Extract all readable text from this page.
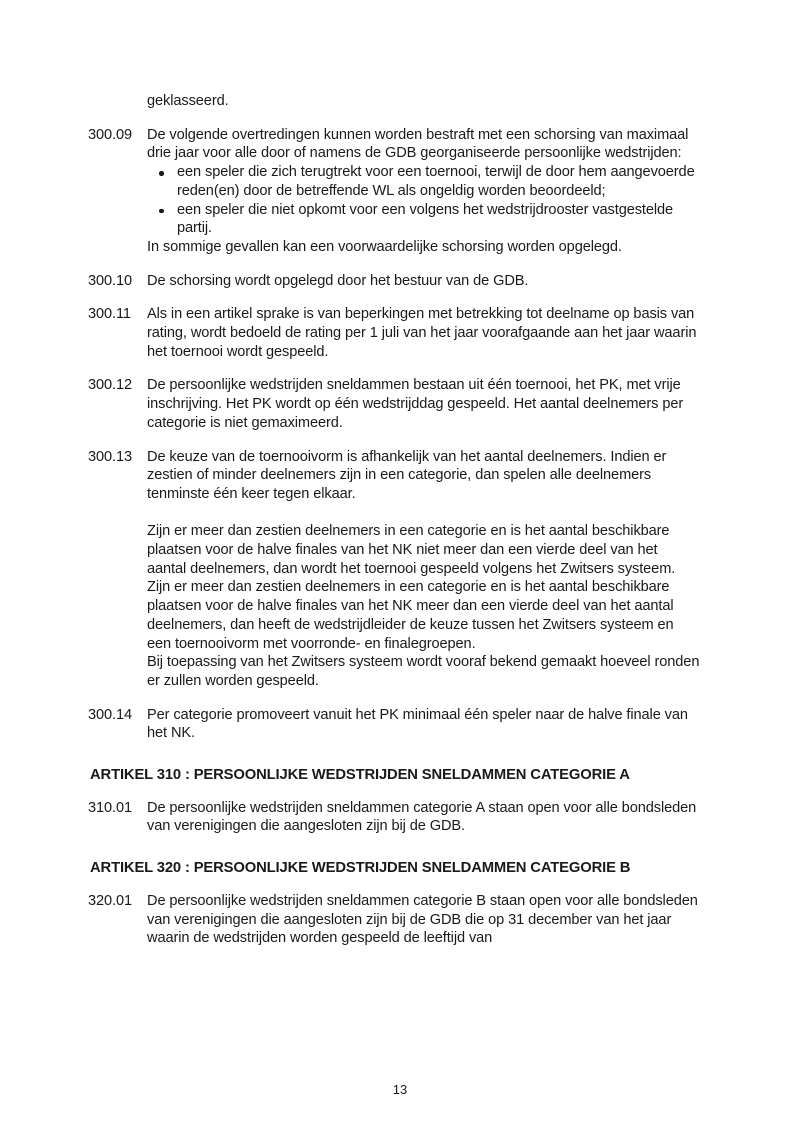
geklasseerd.

300.09	De volgende overtredingen kunnen worden bestraft met een schorsing van maximaal drie jaar voor alle door of namens de GDB georganiseerde persoonlijke wedstrijden:

een speler die zich terugtrekt voor een toernooi, terwijl de door hem aangevoerde reden(en) door de betreffende WL als ongeldig worden beoordeeld;
een speler die niet opkomt voor een volgens het wedstrijdrooster vastgestelde partij.

In sommige gevallen kan een voorwaardelijke schorsing worden opgelegd.

300.10	De schorsing wordt opgelegd door het bestuur van de GDB.

300.11	Als in een artikel sprake is van beperkingen met betrekking tot deelname op basis van rating, wordt bedoeld de rating per 1 juli van het jaar voorafgaande aan het jaar waarin het toernooi wordt gespeeld.

300.12	De persoonlijke wedstrijden sneldammen bestaan uit één toernooi, het PK, met vrije inschrijving. Het PK wordt op één wedstrijddag gespeeld. Het aantal deelnemers per categorie is niet gemaximeerd.

300.13	De keuze van de toernooivorm is afhankelijk van het aantal deelnemers. Indien er zestien of minder deelnemers zijn in een categorie, dan spelen alle deelnemers tenminste één keer tegen elkaar.

Zijn er meer dan zestien deelnemers in een categorie en is het aantal beschikbare plaatsen voor de halve finales van het NK niet meer dan een vierde deel van het aantal deelnemers, dan wordt het toernooi gespeeld volgens het Zwitsers systeem. Zijn er meer dan zestien deelnemers in een categorie en is het aantal beschikbare plaatsen voor de halve finales van het NK meer dan een vierde deel van het aantal deelnemers, dan heeft de wedstrijdleider de keuze tussen het Zwitsers systeem en een toernooivorm met voorronde- en finalegroepen.

Bij toepassing van het Zwitsers systeem wordt vooraf bekend gemaakt hoeveel ronden er zullen worden gespeeld.

300.14	Per categorie promoveert vanuit het PK minimaal één speler naar de halve finale van het NK.

ARTIKEL 310 : PERSOONLIJKE WEDSTRIJDEN SNELDAMMEN CATEGORIE A

310.01	De persoonlijke wedstrijden sneldammen categorie A staan open voor alle bondsleden van verenigingen die aangesloten zijn bij de GDB.

ARTIKEL 320 : PERSOONLIJKE WEDSTRIJDEN SNELDAMMEN CATEGORIE B

320.01	De persoonlijke wedstrijden sneldammen categorie B staan open voor alle bondsleden van verenigingen die aangesloten zijn bij de GDB die op 31 december van het jaar waarin de wedstrijden worden gespeeld de leeftijd van

13
